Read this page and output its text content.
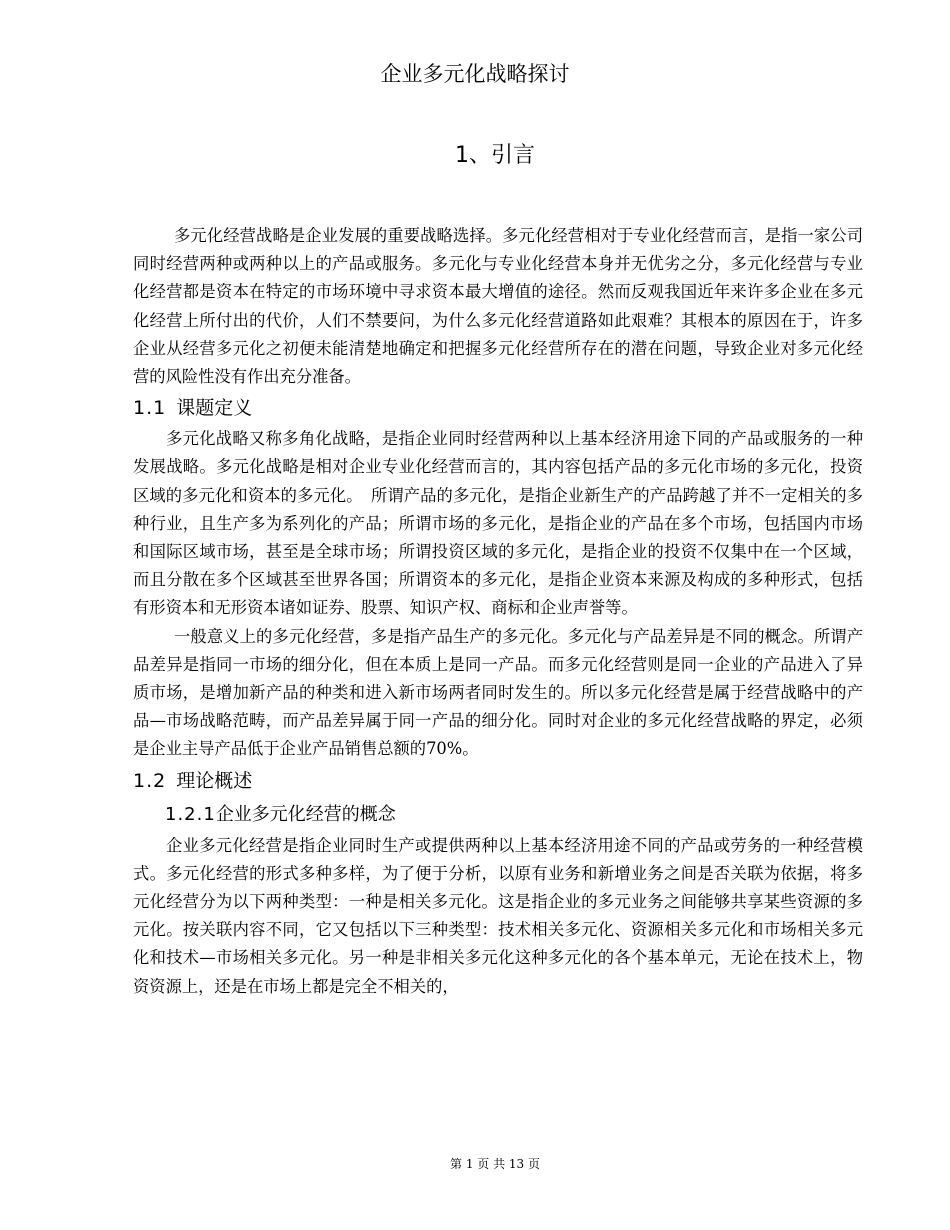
企业多元化战略探讨
1、引言

多元化经营战略是企业发展的重要战略选择。多元化经营相对于专业化经营而言，是指一家公司同时经营两种或两种以上的产品或服务。多元化与专业化经营本身并无优劣之分，多元化经营与专业化经营都是资本在特定的市场环境中寻求资本最大增值的途径。然而反观我国近年来许多企业在多元化经营上所付出的代价，人们不禁要问，为什么多元化经营道路如此艰难？其根本的原因在于，许多企业从经营多元化之初便未能清楚地确定和把握多元化经营所存在的潜在问题，导致企业对多元化经营的风险性没有作出充分准备。

1.1 课题定义

多元化战略又称多角化战略，是指企业同时经营两种以上基本经济用途下同的产品或服务的一种发展战略。多元化战略是相对企业专业化经营而言的，其内容包括产品的多元化市场的多元化，投资区域的多元化和资本的多元化。　所谓产品的多元化，是指企业新生产的产品跨越了并不一定相关的多种行业，且生产多为系列化的产品；所谓市场的多元化，是指企业的产品在多个市场，包括国内市场和国际区域市场，甚至是全球市场；所谓投资区域的多元化，是指企业的投资不仅集中在一个区域，而且分散在多个区域甚至世界各国；所谓资本的多元化，是指企业资本来源及构成的多种形式，包括有形资本和无形资本诸如证券、股票、知识产权、商标和企业声誉等。

一般意义上的多元化经营，多是指产品生产的多元化。多元化与产品差异是不同的概念。所谓产品差异是指同一市场的细分化，但在本质上是同一产品。而多元化经营则是同一企业的产品进入了异质市场，是增加新产品的种类和进入新市场两者同时发生的。所以多元化经营是属于经营战略中的产品—市场战略范畴，而产品差异属于同一产品的细分化。同时对企业的多元化经营战略的界定，必须是企业主导产品低于企业产品销售总额的70%。

1.2 理论概述
1.2.1企业多元化经营的概念

企业多元化经营是指企业同时生产或提供两种以上基本经济用途不同的产品或劳务的一种经营模式。多元化经营的形式多种多样，为了便于分析，以原有业务和新增业务之间是否关联为依据，将多元化经营分为以下两种类型：一种是相关多元化。这是指企业的多元业务之间能够共享某些资源的多元化。按关联内容不同，它又包括以下三种类型：技术相关多元化、资源相关多元化和市场相关多元化和技术—市场相关多元化。另一种是非相关多元化这种多元化的各个基本单元，无论在技术上，物资资源上，还是在市场上都是完全不相关的，

第 1 页 共 13 页
